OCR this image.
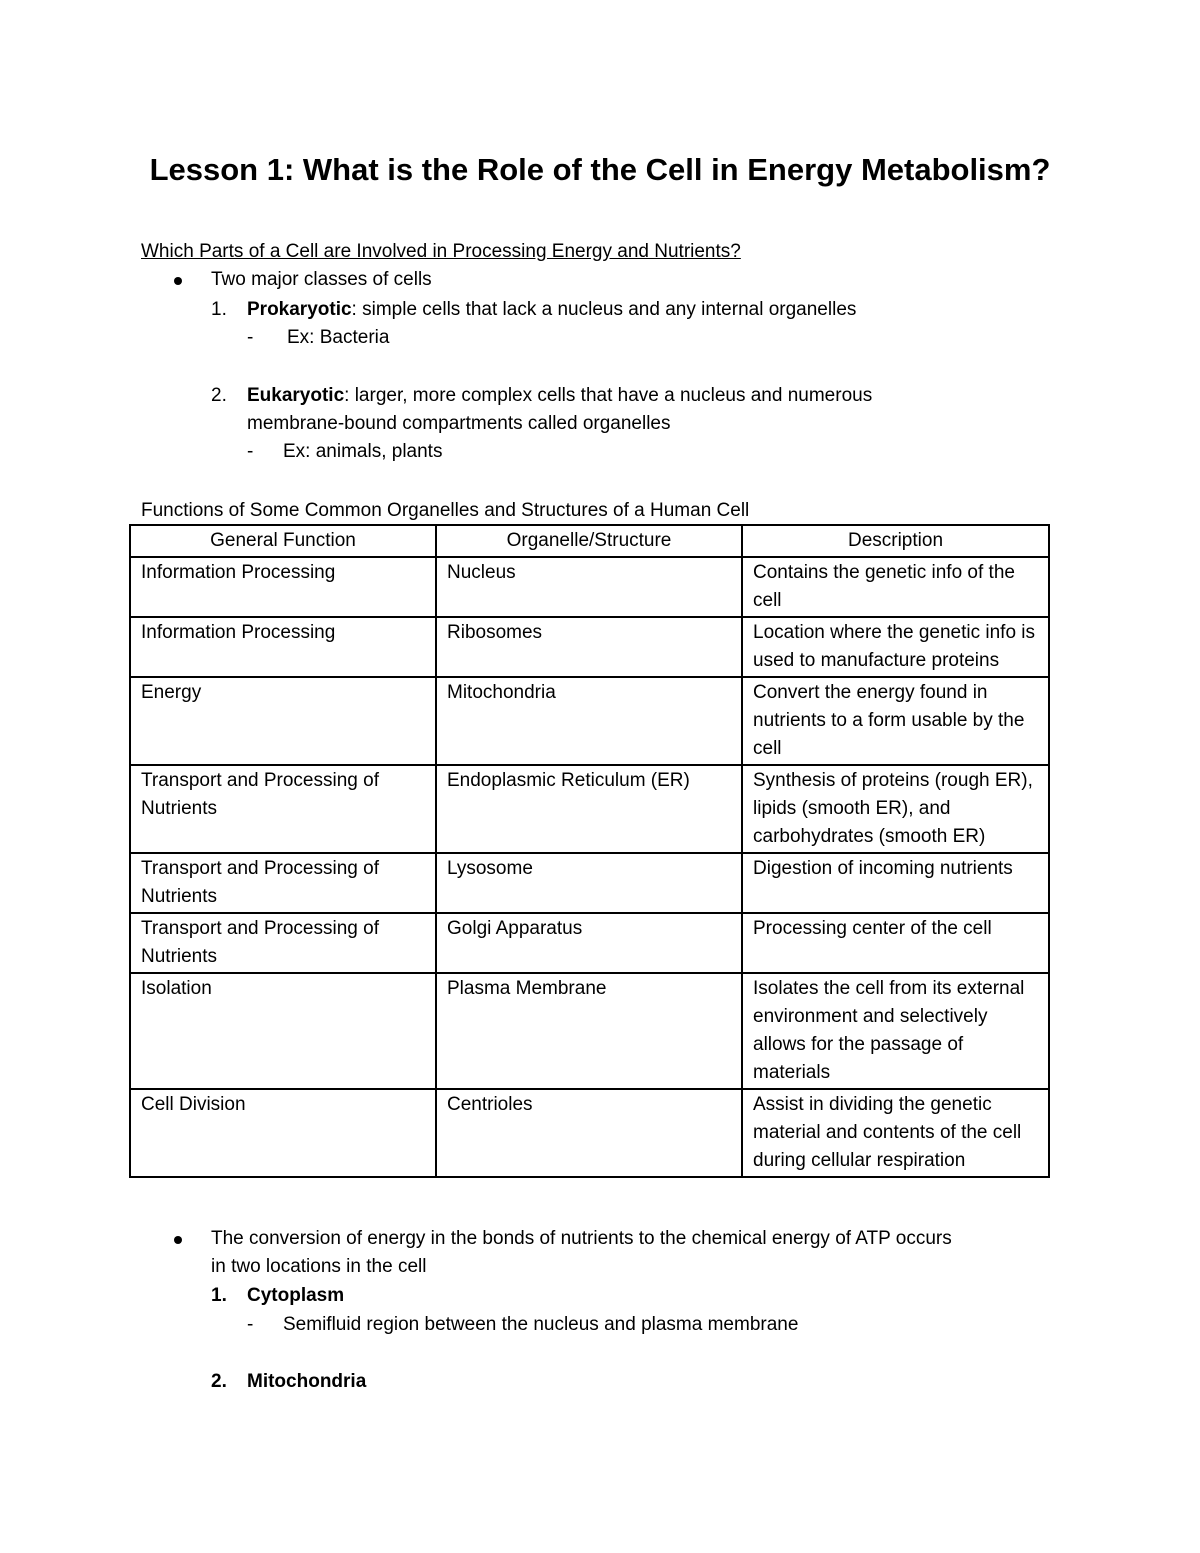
Lesson 1: What is the Role of the Cell in Energy Metabolism?
Which Parts of a Cell are Involved in Processing Energy and Nutrients?
Two major classes of cells
1. Prokaryotic: simple cells that lack a nucleus and any internal organelles
- Ex: Bacteria
2. Eukaryotic: larger, more complex cells that have a nucleus and numerous
membrane-bound compartments called organelles
- Ex: animals, plants
Functions of Some Common Organelles and Structures of a Human Cell
General Function	Organelle/Structure	Description
Information Processing	Nucleus	Contains the genetic info of the cell
Information Processing	Ribosomes	Location where the genetic info is used to manufacture proteins
Energy	Mitochondria	Convert the energy found in nutrients to a form usable by the cell
Transport and Processing of Nutrients	Endoplasmic Reticulum (ER)	Synthesis of proteins (rough ER), lipids (smooth ER), and carbohydrates (smooth ER)
Transport and Processing of Nutrients	Lysosome	Digestion of incoming nutrients
Transport and Processing of Nutrients	Golgi Apparatus	Processing center of the cell
Isolation	Plasma Membrane	Isolates the cell from its external environment and selectively allows for the passage of materials
Cell Division	Centrioles	Assist in dividing the genetic material and contents of the cell during cellular respiration
The conversion of energy in the bonds of nutrients to the chemical energy of ATP occurs
in two locations in the cell
1. Cytoplasm
- Semifluid region between the nucleus and plasma membrane
2. Mitochondria
